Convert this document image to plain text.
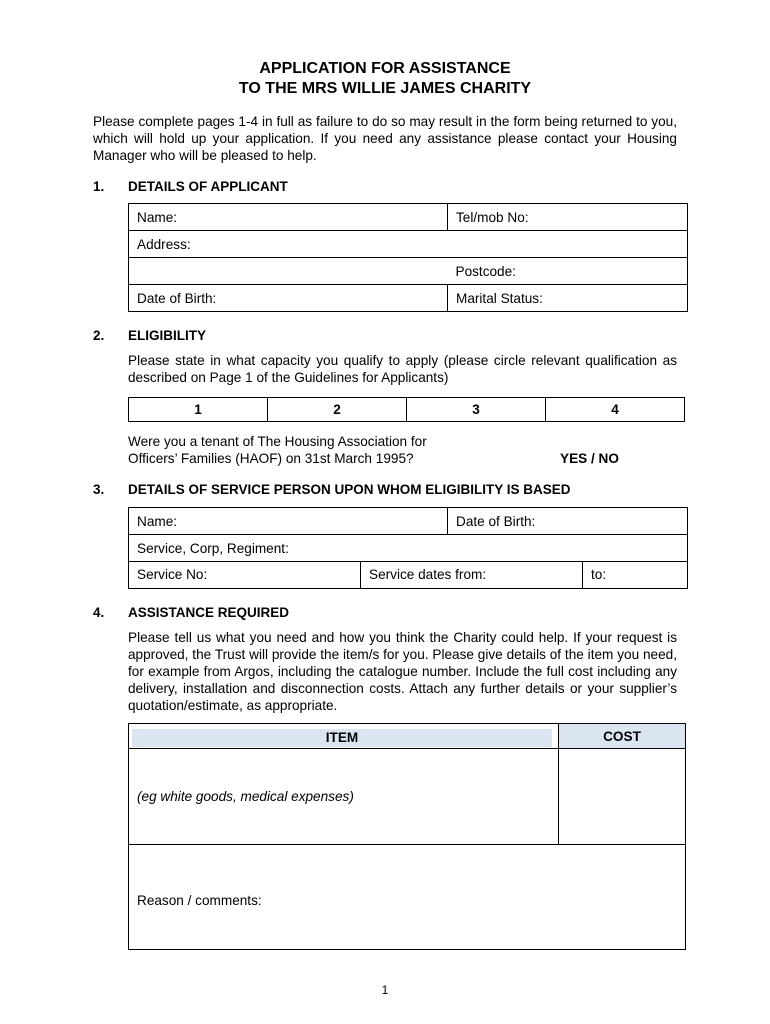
APPLICATION FOR ASSISTANCE
TO THE MRS WILLIE JAMES CHARITY
Please complete pages 1-4 in full as failure to do so may result in the form being returned to you, which will hold up your application. If you need any assistance please contact your Housing Manager who will be pleased to help.
1. DETAILS OF APPLICANT
Name:	Tel/mob No:
Address:	
	Postcode:
Date of Birth:	Marital Status:
2. ELIGIBILITY
Please state in what capacity you qualify to apply (please circle relevant qualification as described on Page 1 of the Guidelines for Applicants)
1	2	3	4
Were you a tenant of The Housing Association for
Officers’ Families (HAOF) on 31st March 1995?	YES / NO
3. DETAILS OF SERVICE PERSON UPON WHOM ELIGIBILITY IS BASED
Name:	Date of Birth:
Service, Corp, Regiment:
Service No:	Service dates from:	to:
4. ASSISTANCE REQUIRED
Please tell us what you need and how you think the Charity could help. If your request is approved, the Trust will provide the item/s for you. Please give details of the item you need, for example from Argos, including the catalogue number. Include the full cost including any delivery, installation and disconnection costs. Attach any further details or your supplier’s quotation/estimate, as appropriate.
ITEM	COST
(eg white goods, medical expenses)	
Reason / comments:	
1
